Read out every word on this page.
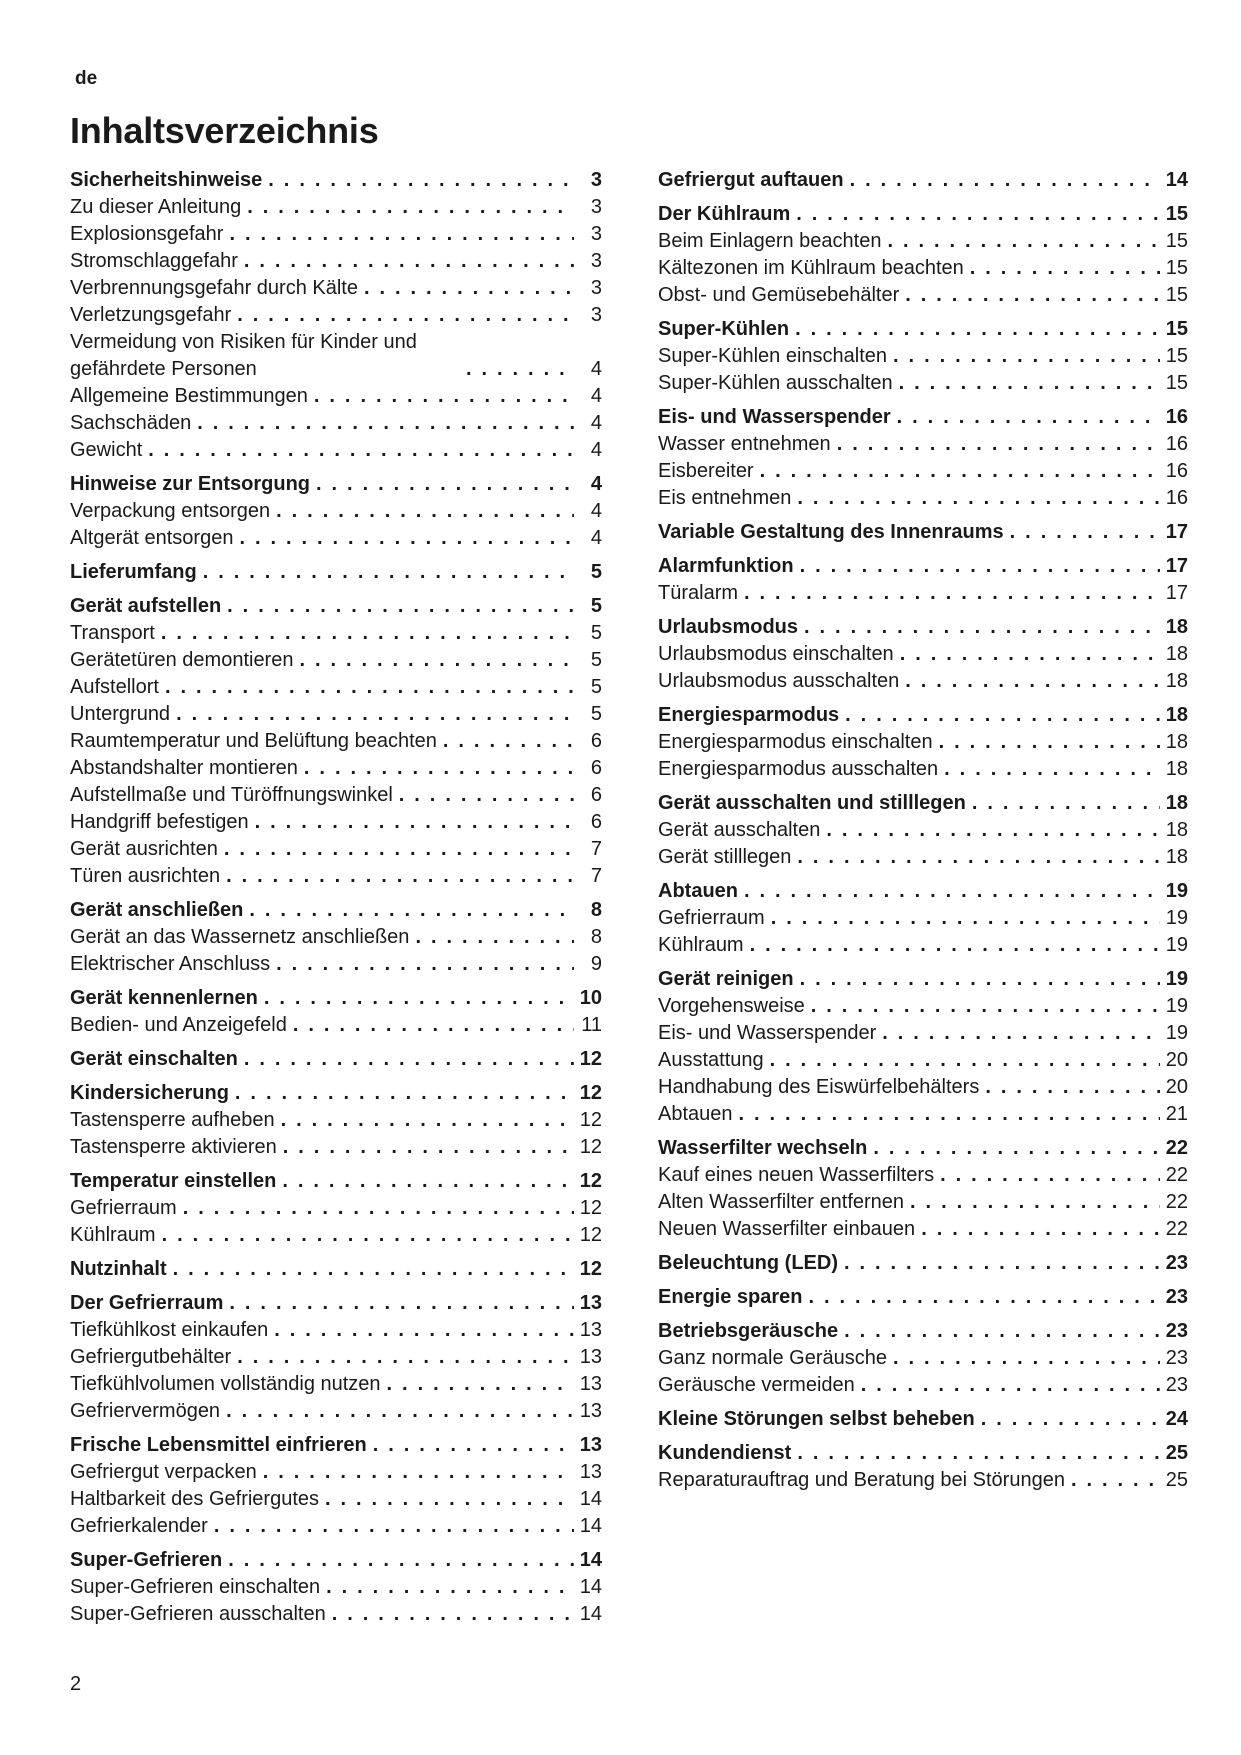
de
Inhaltsverzeichnis
Sicherheitshinweise . . .	3
Zu dieser Anleitung . . .	3
Explosionsgefahr . . .	3
Stromschlaggefahr . . .	3
Verbrennungsgefahr durch Kälte . . .	3
Verletzungsgefahr . . .	3
Vermeidung von Risiken für Kinder und gefährdete Personen . . .	4
Allgemeine Bestimmungen . . .	4
Sachschäden . . .	4
Gewicht . . .	4
Hinweise zur Entsorgung . . .	4
Verpackung entsorgen . . .	4
Altgerät entsorgen . . .	4
Lieferumfang . . .	5
Gerät aufstellen . . .	5
Transport . . .	5
Gerätetüren demontieren . . .	5
Aufstellort . . .	5
Untergrund . . .	5
Raumtemperatur und Belüftung beachten . . .	6
Abstandshalter montieren . . .	6
Aufstellmaße und Türöffnungswinkel . . .	6
Handgriff befestigen . . .	6
Gerät ausrichten . . .	7
Türen ausrichten . . .	7
Gerät anschließen . . .	8
Gerät an das Wassernetz anschließen . . .	8
Elektrischer Anschluss . . .	9
Gerät kennenlernen . . .	10
Bedien- und Anzeigefeld . . .	11
Gerät einschalten . . .	12
Kindersicherung . . .	12
Tastensperre aufheben . . .	12
Tastensperre aktivieren . . .	12
Temperatur einstellen . . .	12
Gefrierraum . . .	12
Kühlraum . . .	12
Nutzinhalt . . .	12
Der Gefrierraum . . .	13
Tiefkühlkost einkaufen . . .	13
Gefriergutbehälter . . .	13
Tiefkühlvolumen vollständig nutzen . . .	13
Gefriervermögen . . .	13
Frische Lebensmittel einfrieren . . .	13
Gefriergut verpacken . . .	13
Haltbarkeit des Gefriergutes . . .	14
Gefrierkalender . . .	14
Super-Gefrieren . . .	14
Super-Gefrieren einschalten . . .	14
Super-Gefrieren ausschalten . . .	14
Gefriergut auftauen . . .	14
Der Kühlraum . . .	15
Beim Einlagern beachten . . .	15
Kältezonen im Kühlraum beachten . . .	15
Obst- und Gemüsebehälter . . .	15
Super-Kühlen . . .	15
Super-Kühlen einschalten . . .	15
Super-Kühlen ausschalten . . .	15
Eis- und Wasserspender . . .	16
Wasser entnehmen . . .	16
Eisbereiter . . .	16
Eis entnehmen . . .	16
Variable Gestaltung des Innenraums . . .	17
Alarmfunktion . . .	17
Türalarm . . .	17
Urlaubsmodus . . .	18
Urlaubsmodus einschalten . . .	18
Urlaubsmodus ausschalten . . .	18
Energiesparmodus . . .	18
Energiesparmodus einschalten . . .	18
Energiesparmodus ausschalten . . .	18
Gerät ausschalten und stilllegen . . .	18
Gerät ausschalten . . .	18
Gerät stilllegen . . .	18
Abtauen . . .	19
Gefrierraum . . .	19
Kühlraum . . .	19
Gerät reinigen . . .	19
Vorgehensweise . . .	19
Eis- und Wasserspender . . .	19
Ausstattung . . .	20
Handhabung des Eiswürfelbehälters . . .	20
Abtauen . . .	21
Wasserfilter wechseln . . .	22
Kauf eines neuen Wasserfilters . . .	22
Alten Wasserfilter entfernen . . .	22
Neuen Wasserfilter einbauen . . .	22
Beleuchtung (LED) . . .	23
Energie sparen . . .	23
Betriebsgeräusche . . .	23
Ganz normale Geräusche . . .	23
Geräusche vermeiden . . .	23
Kleine Störungen selbst beheben . . .	24
Kundendienst . . .	25
Reparaturauftrag und Beratung bei Störungen . . .	25
2
